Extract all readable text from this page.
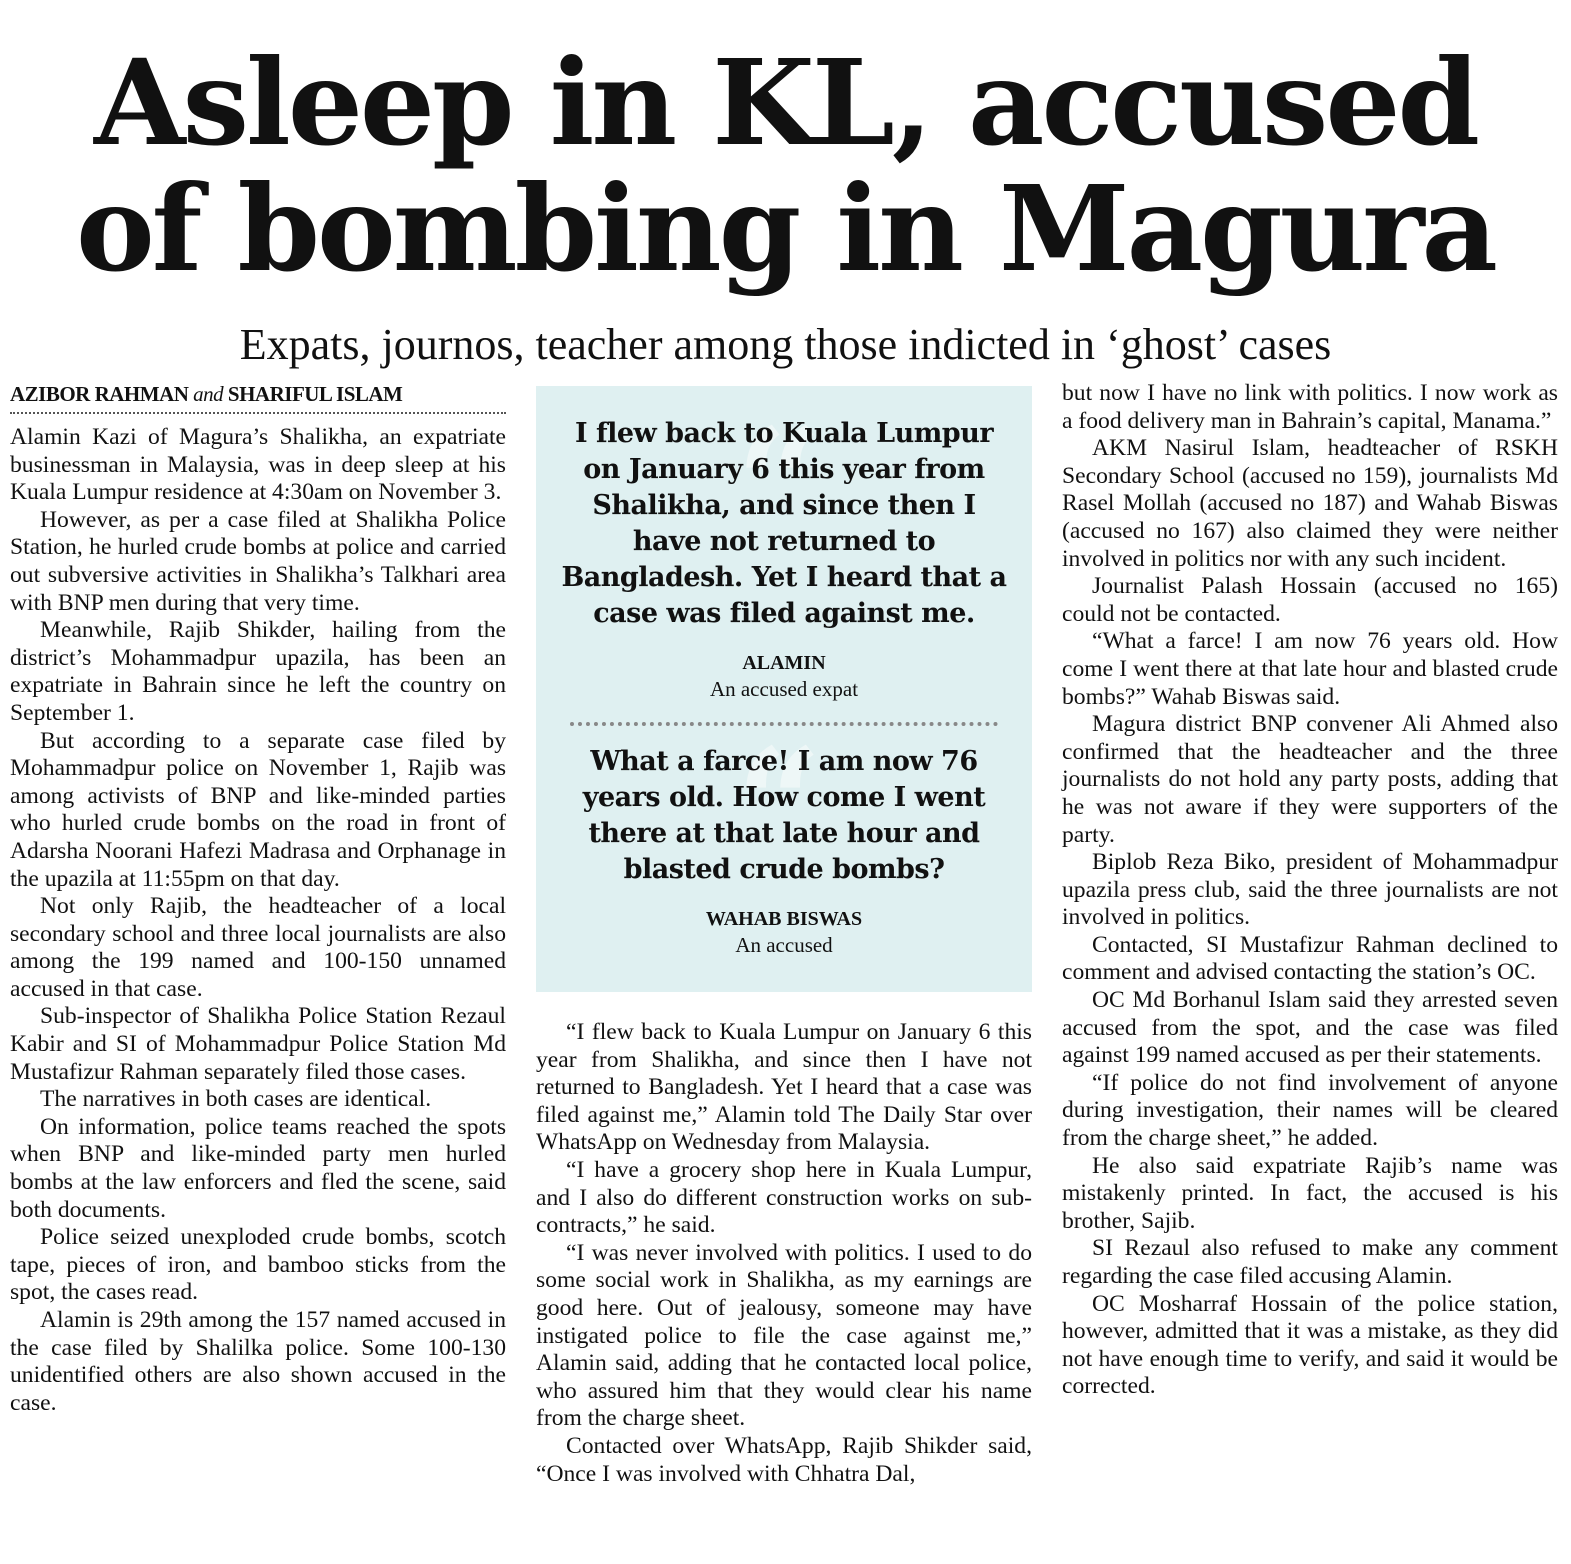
Asleep in KL, accused
of bombing in Magura

Expats, journos, teacher among those indicted in ‘ghost’ cases

AZIBOR RAHMAN and SHARIFUL ISLAM

Alamin Kazi of Magura’s Shalikha, an expatriate businessman in Malaysia, was in deep sleep at his Kuala Lumpur residence at 4:30am on November 3.

However, as per a case filed at Shalikha Police Station, he hurled crude bombs at police and carried out subversive activities in Shalikha’s Talkhari area with BNP men during that very time.

Meanwhile, Rajib Shikder, hailing from the district’s Mohammadpur upazila, has been an expatriate in Bahrain since he left the country on September 1.

But according to a separate case filed by Mohammadpur police on November 1, Rajib was among activists of BNP and like-minded parties who hurled crude bombs on the road in front of Adarsha Noorani Hafezi Madrasa and Orphanage in the upazila at 11:55pm on that day.

Not only Rajib, the headteacher of a local secondary school and three local journalists are also among the 199 named and 100-150 unnamed accused in that case.

Sub-inspector of Shalikha Police Station Rezaul Kabir and SI of Mohammadpur Police Station Md Mustafizur Rahman separately filed those cases.

The narratives in both cases are identical.

On information, police teams reached the spots when BNP and like-minded party men hurled bombs at the law enforcers and fled the scene, said both documents.

Police seized unexploded crude bombs, scotch tape, pieces of iron, and bamboo sticks from the spot, the cases read.

Alamin is 29th among the 157 named accused in the case filed by Shalilka police. Some 100-130 unidentified others are also shown accused in the case.

“
“

I flew back to Kuala Lumpur on January 6 this year from Shalikha, and since then I have not returned to Bangladesh. Yet I heard that a case was filed against me.

ALAMIN
An accused expat

What a farce! I am now 76 years old. How come I went there at that late hour and blasted crude bombs?

WAHAB BISWAS
An accused

“I flew back to Kuala Lumpur on January 6 this year from Shalikha, and since then I have not returned to Bangladesh. Yet I heard that a case was filed against me,” Alamin told The Daily Star over WhatsApp on Wednesday from Malaysia.

“I have a grocery shop here in Kuala Lumpur, and I also do different construction works on sub-contracts,” he said.

“I was never involved with politics. I used to do some social work in Shalikha, as my earnings are good here. Out of jealousy, someone may have instigated police to file the case against me,” Alamin said, adding that he contacted local police, who assured him that they would clear his name from the charge sheet.

Contacted over WhatsApp, Rajib Shikder said, “Once I was involved with Chhatra Dal,

but now I have no link with politics. I now work as a food delivery man in Bahrain’s capital, Manama.”

AKM Nasirul Islam, headteacher of RSKH Secondary School (accused no 159), journalists Md Rasel Mollah (accused no 187) and Wahab Biswas (accused no 167) also claimed they were neither involved in politics nor with any such incident.

Journalist Palash Hossain (accused no 165) could not be contacted.

“What a farce! I am now 76 years old. How come I went there at that late hour and blasted crude bombs?” Wahab Biswas said.

Magura district BNP convener Ali Ahmed also confirmed that the headteacher and the three journalists do not hold any party posts, adding that he was not aware if they were supporters of the party.

Biplob Reza Biko, president of Mohammadpur upazila press club, said the three journalists are not involved in politics.

Contacted, SI Mustafizur Rahman declined to comment and advised contacting the station’s OC.

OC Md Borhanul Islam said they arrested seven accused from the spot, and the case was filed against 199 named accused as per their statements.

“If police do not find involvement of anyone during investigation, their names will be cleared from the charge sheet,” he added.

He also said expatriate Rajib’s name was mistakenly printed. In fact, the accused is his brother, Sajib.

SI Rezaul also refused to make any comment regarding the case filed accusing Alamin.

OC Mosharraf Hossain of the police station, however, admitted that it was a mistake, as they did not have enough time to verify, and said it would be corrected.
